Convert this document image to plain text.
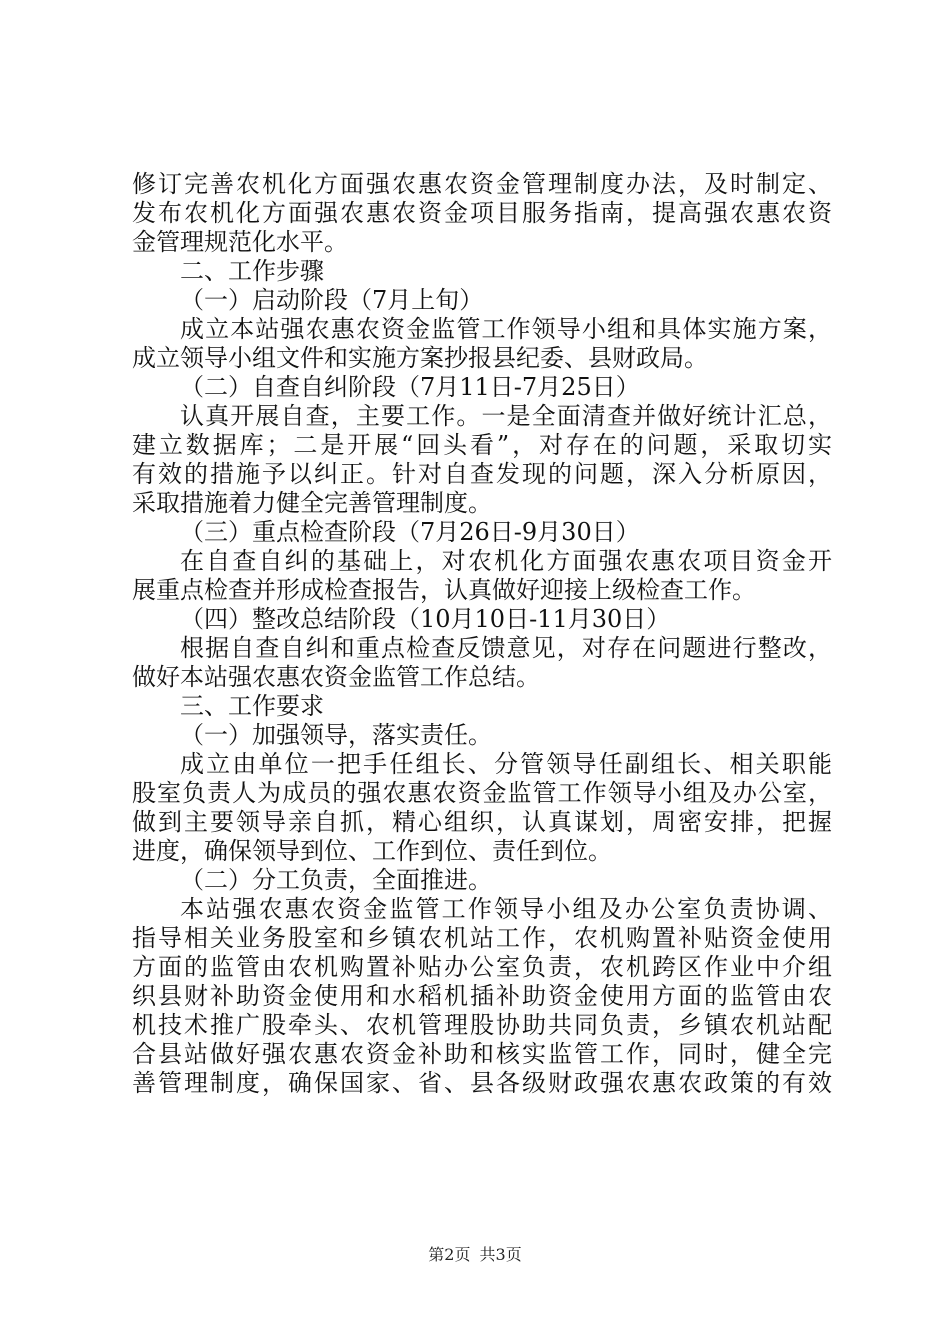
修订完善农机化方面强农惠农资金管理制度办法，及时制定、
发布农机化方面强农惠农资金项目服务指南，提高强农惠农资
金管理规范化水平。
二、工作步骤
（一）启动阶段（7月上旬）
成立本站强农惠农资金监管工作领导小组和具体实施方案，
成立领导小组文件和实施方案抄报县纪委、县财政局。
（二）自查自纠阶段（7月11日-7月25日）
认真开展自查，主要工作。一是全面清查并做好统计汇总，
建立数据库；二是开展“回头看”，对存在的问题，采取切实
有效的措施予以纠正。针对自查发现的问题，深入分析原因，
采取措施着力健全完善管理制度。
（三）重点检查阶段（7月26日-9月30日）
在自查自纠的基础上，对农机化方面强农惠农项目资金开
展重点检查并形成检查报告，认真做好迎接上级检查工作。
（四）整改总结阶段（10月10日-11月30日）
根据自查自纠和重点检查反馈意见，对存在问题进行整改，
做好本站强农惠农资金监管工作总结。
三、工作要求
（一）加强领导，落实责任。
成立由单位一把手任组长、分管领导任副组长、相关职能
股室负责人为成员的强农惠农资金监管工作领导小组及办公室，
做到主要领导亲自抓，精心组织，认真谋划，周密安排，把握
进度，确保领导到位、工作到位、责任到位。
（二）分工负责，全面推进。
本站强农惠农资金监管工作领导小组及办公室负责协调、
指导相关业务股室和乡镇农机站工作，农机购置补贴资金使用
方面的监管由农机购置补贴办公室负责，农机跨区作业中介组
织县财补助资金使用和水稻机插补助资金使用方面的监管由农
机技术推广股牵头、农机管理股协助共同负责，乡镇农机站配
合县站做好强农惠农资金补助和核实监管工作，同时，健全完
善管理制度，确保国家、省、县各级财政强农惠农政策的有效
第2页 共3页
